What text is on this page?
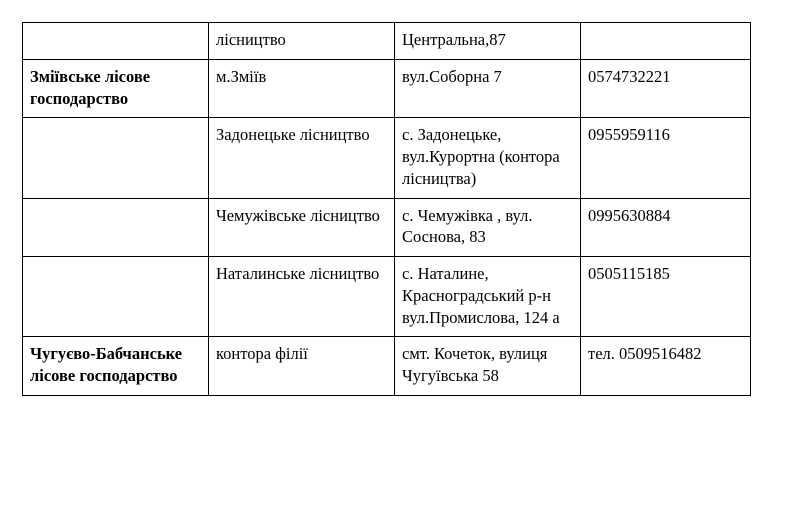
	лісництво	Центральна,87	
Зміївське лісове господарство	м.Зміїв	вул.Соборна 7	0574732221
	Задонецьке лісництво	с. Задонецьке, вул.Курортна (контора лісництва)	0955959116
	Чемужівське лісництво	с. Чемужівка , вул. Соснова, 83	0995630884
	Наталинське лісництво	с. Наталине, Красноградський р-н вул.Промислова, 124 а	0505115185
Чугуєво-Бабчанське лісове господарство	контора філії	смт. Кочеток, вулиця Чугуївська 58	тел. 0509516482
